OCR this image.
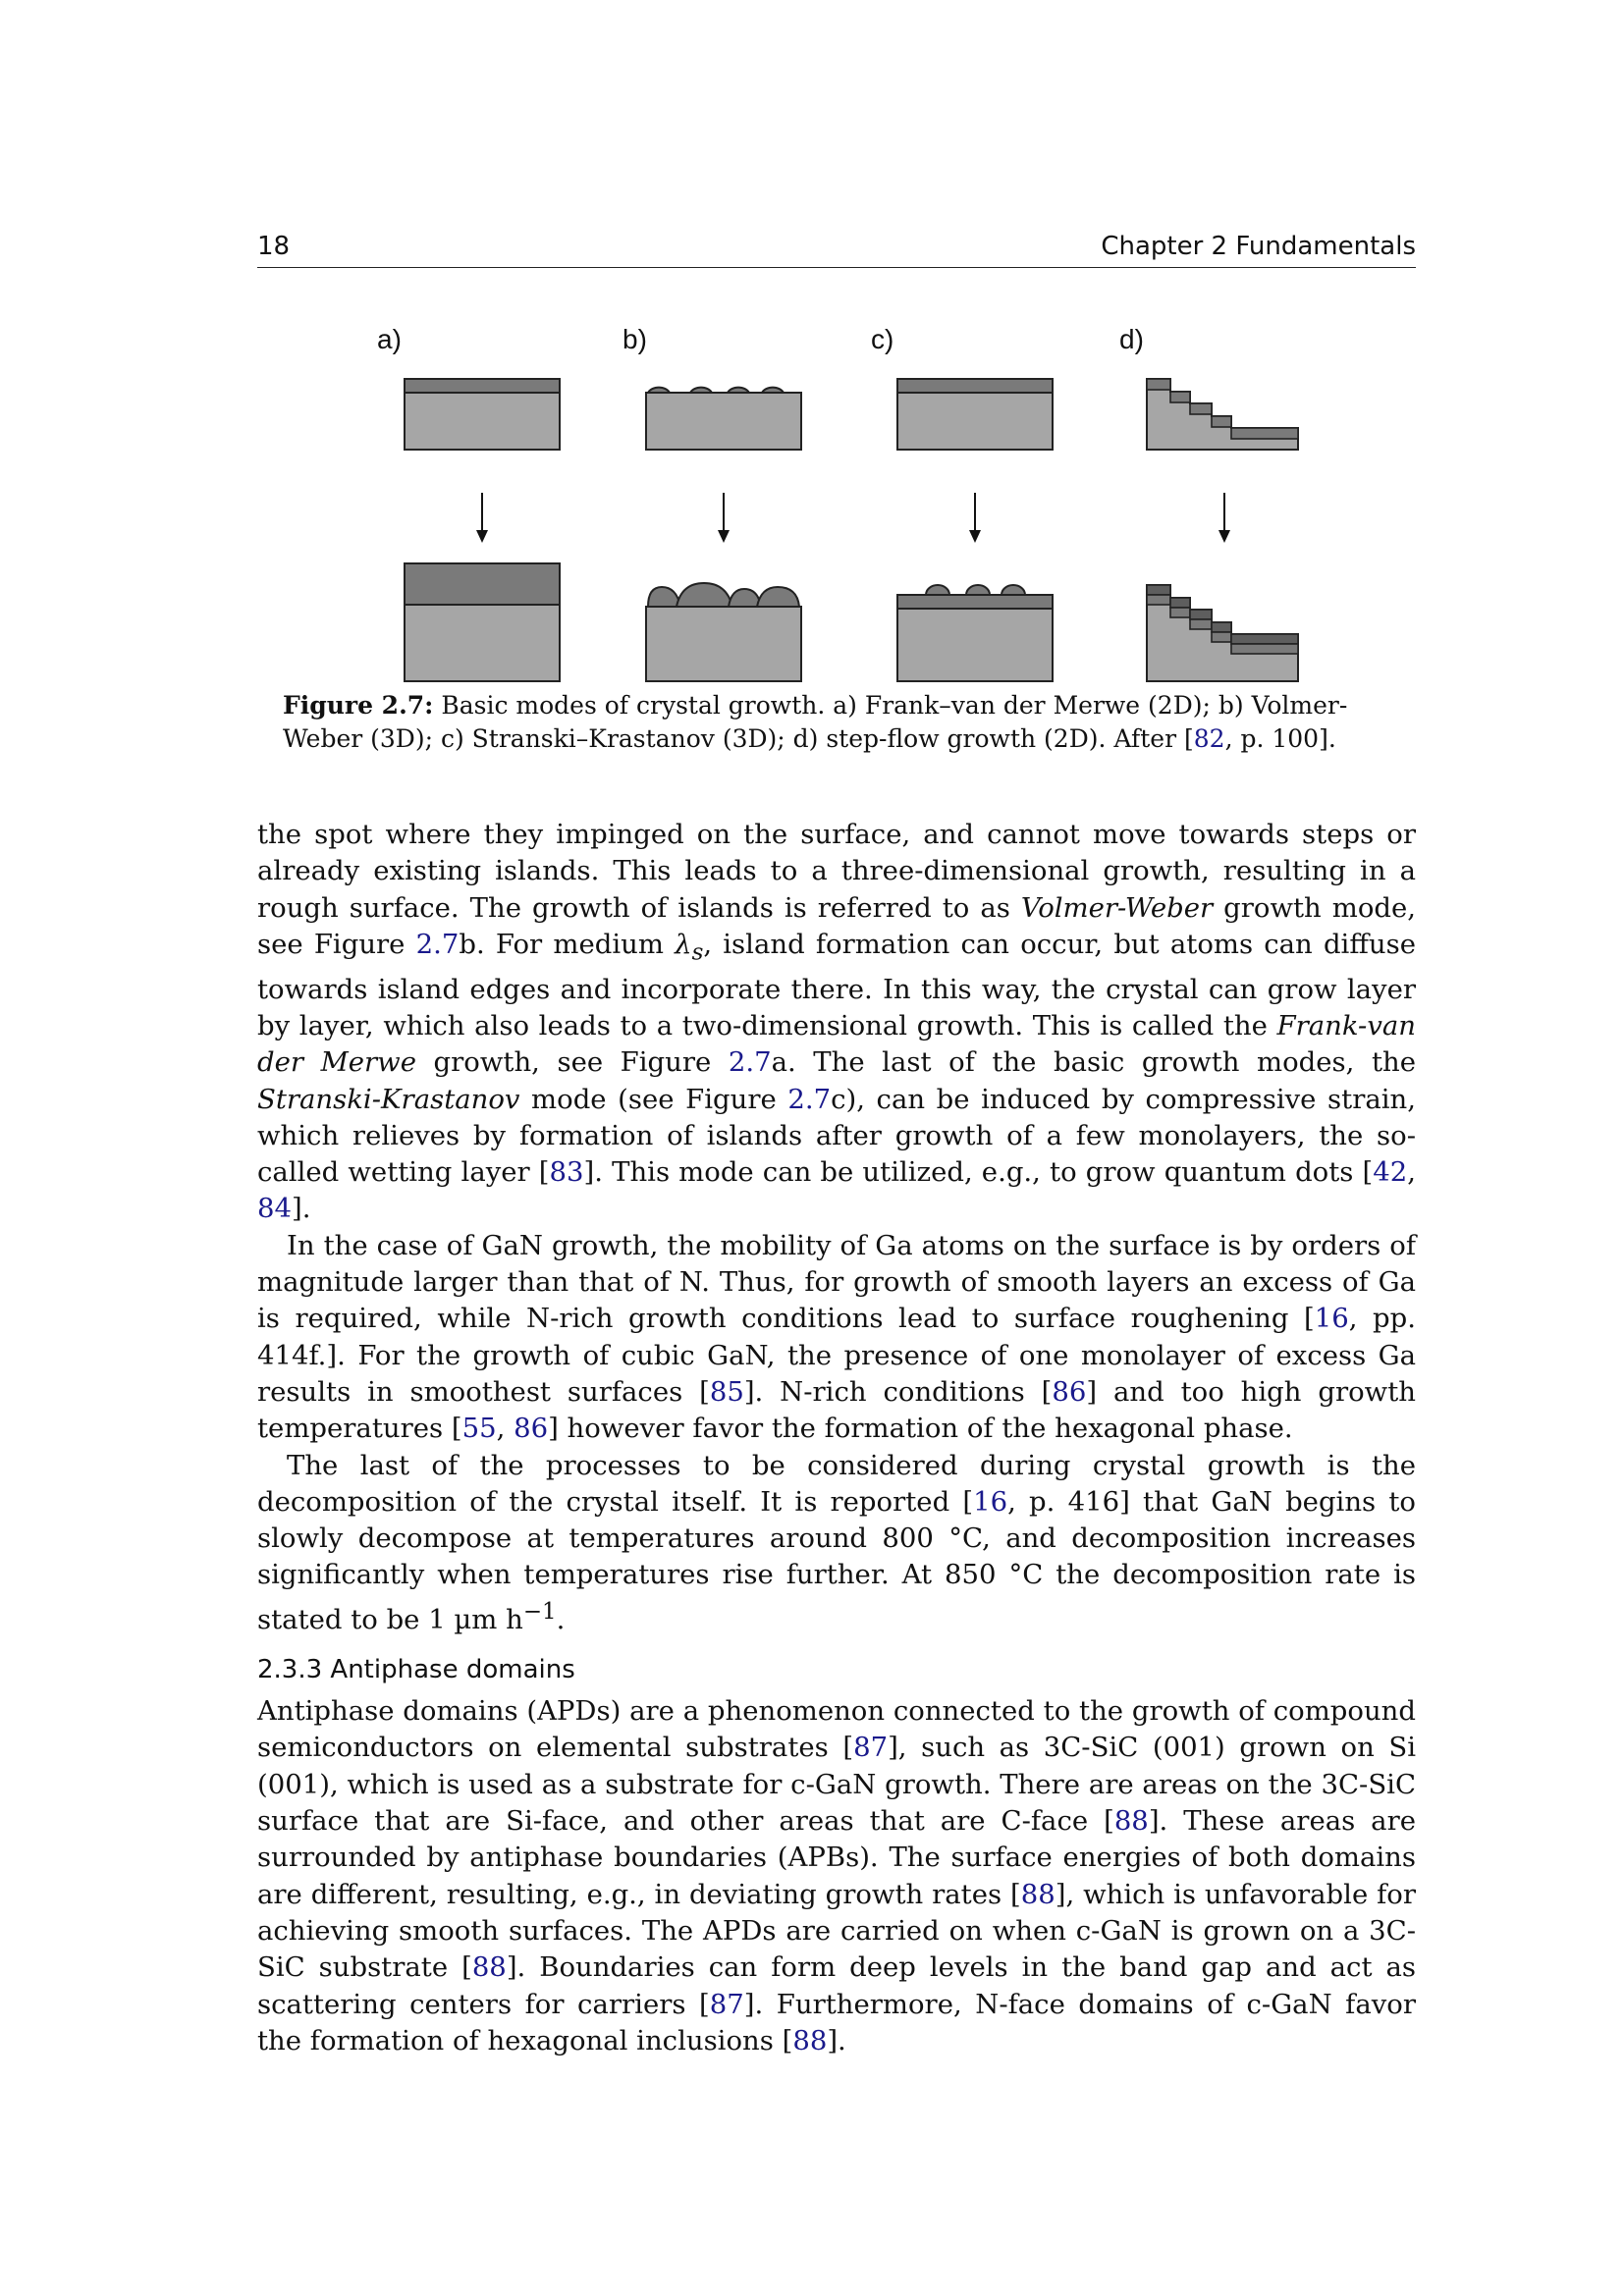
18	Chapter 2 Fundamentals
a)	b)	c)	d)
Figure 2.7: Basic modes of crystal growth. a) Frank–van der Merwe (2D); b) Volmer-Weber (3D); c) Stranski–Krastanov (3D); d) step-flow growth (2D). After [82, p. 100].

the spot where they impinged on the surface, and cannot move towards steps or already existing islands. This leads to a three-dimensional growth, resulting in a rough surface. The growth of islands is referred to as Volmer-Weber growth mode, see Figure 2.7b. For medium $\lambda_s$, island formation can occur, but atoms can diffuse towards island edges and incorporate there. In this way, the crystal can grow layer by layer, which also leads to a two-dimensional growth. This is called the Frank-van der Merwe growth, see Figure 2.7a. The last of the basic growth modes, the Stranski-Krastanov mode (see Figure 2.7c), can be induced by compressive strain, which relieves by formation of islands after growth of a few monolayers, the so-called wetting layer [83]. This mode can be utilized, e.g., to grow quantum dots [42, 84].

In the case of GaN growth, the mobility of Ga atoms on the surface is by orders of magnitude larger than that of N. Thus, for growth of smooth layers an excess of Ga is required, while N-rich growth conditions lead to surface roughening [16, pp. 414f.]. For the growth of cubic GaN, the presence of one monolayer of excess Ga results in smoothest surfaces [85]. N-rich conditions [86] and too high growth temperatures [55, 86] however favor the formation of the hexagonal phase.

The last of the processes to be considered during crystal growth is the decomposition of the crystal itself. It is reported [16, p. 416] that GaN begins to slowly decompose at temperatures around 800 °C, and decomposition increases significantly when temperatures rise further. At 850 °C the decomposition rate is stated to be 1 µm $h^{-1}$.

2.3.3 Antiphase domains

Antiphase domains (APDs) are a phenomenon connected to the growth of compound semiconductors on elemental substrates [87], such as 3C-SiC (001) grown on Si (001), which is used as a substrate for c-GaN growth. There are areas on the 3C-SiC surface that are Si-face, and other areas that are C-face [88]. These areas are surrounded by antiphase boundaries (APBs). The surface energies of both domains are different, resulting, e.g., in deviating growth rates [88], which is unfavorable for achieving smooth surfaces. The APDs are carried on when c-GaN is grown on a 3C-SiC substrate [88]. Boundaries can form deep levels in the band gap and act as scattering centers for carriers [87]. Furthermore, N-face domains of c-GaN favor the formation of hexagonal inclusions [88].
